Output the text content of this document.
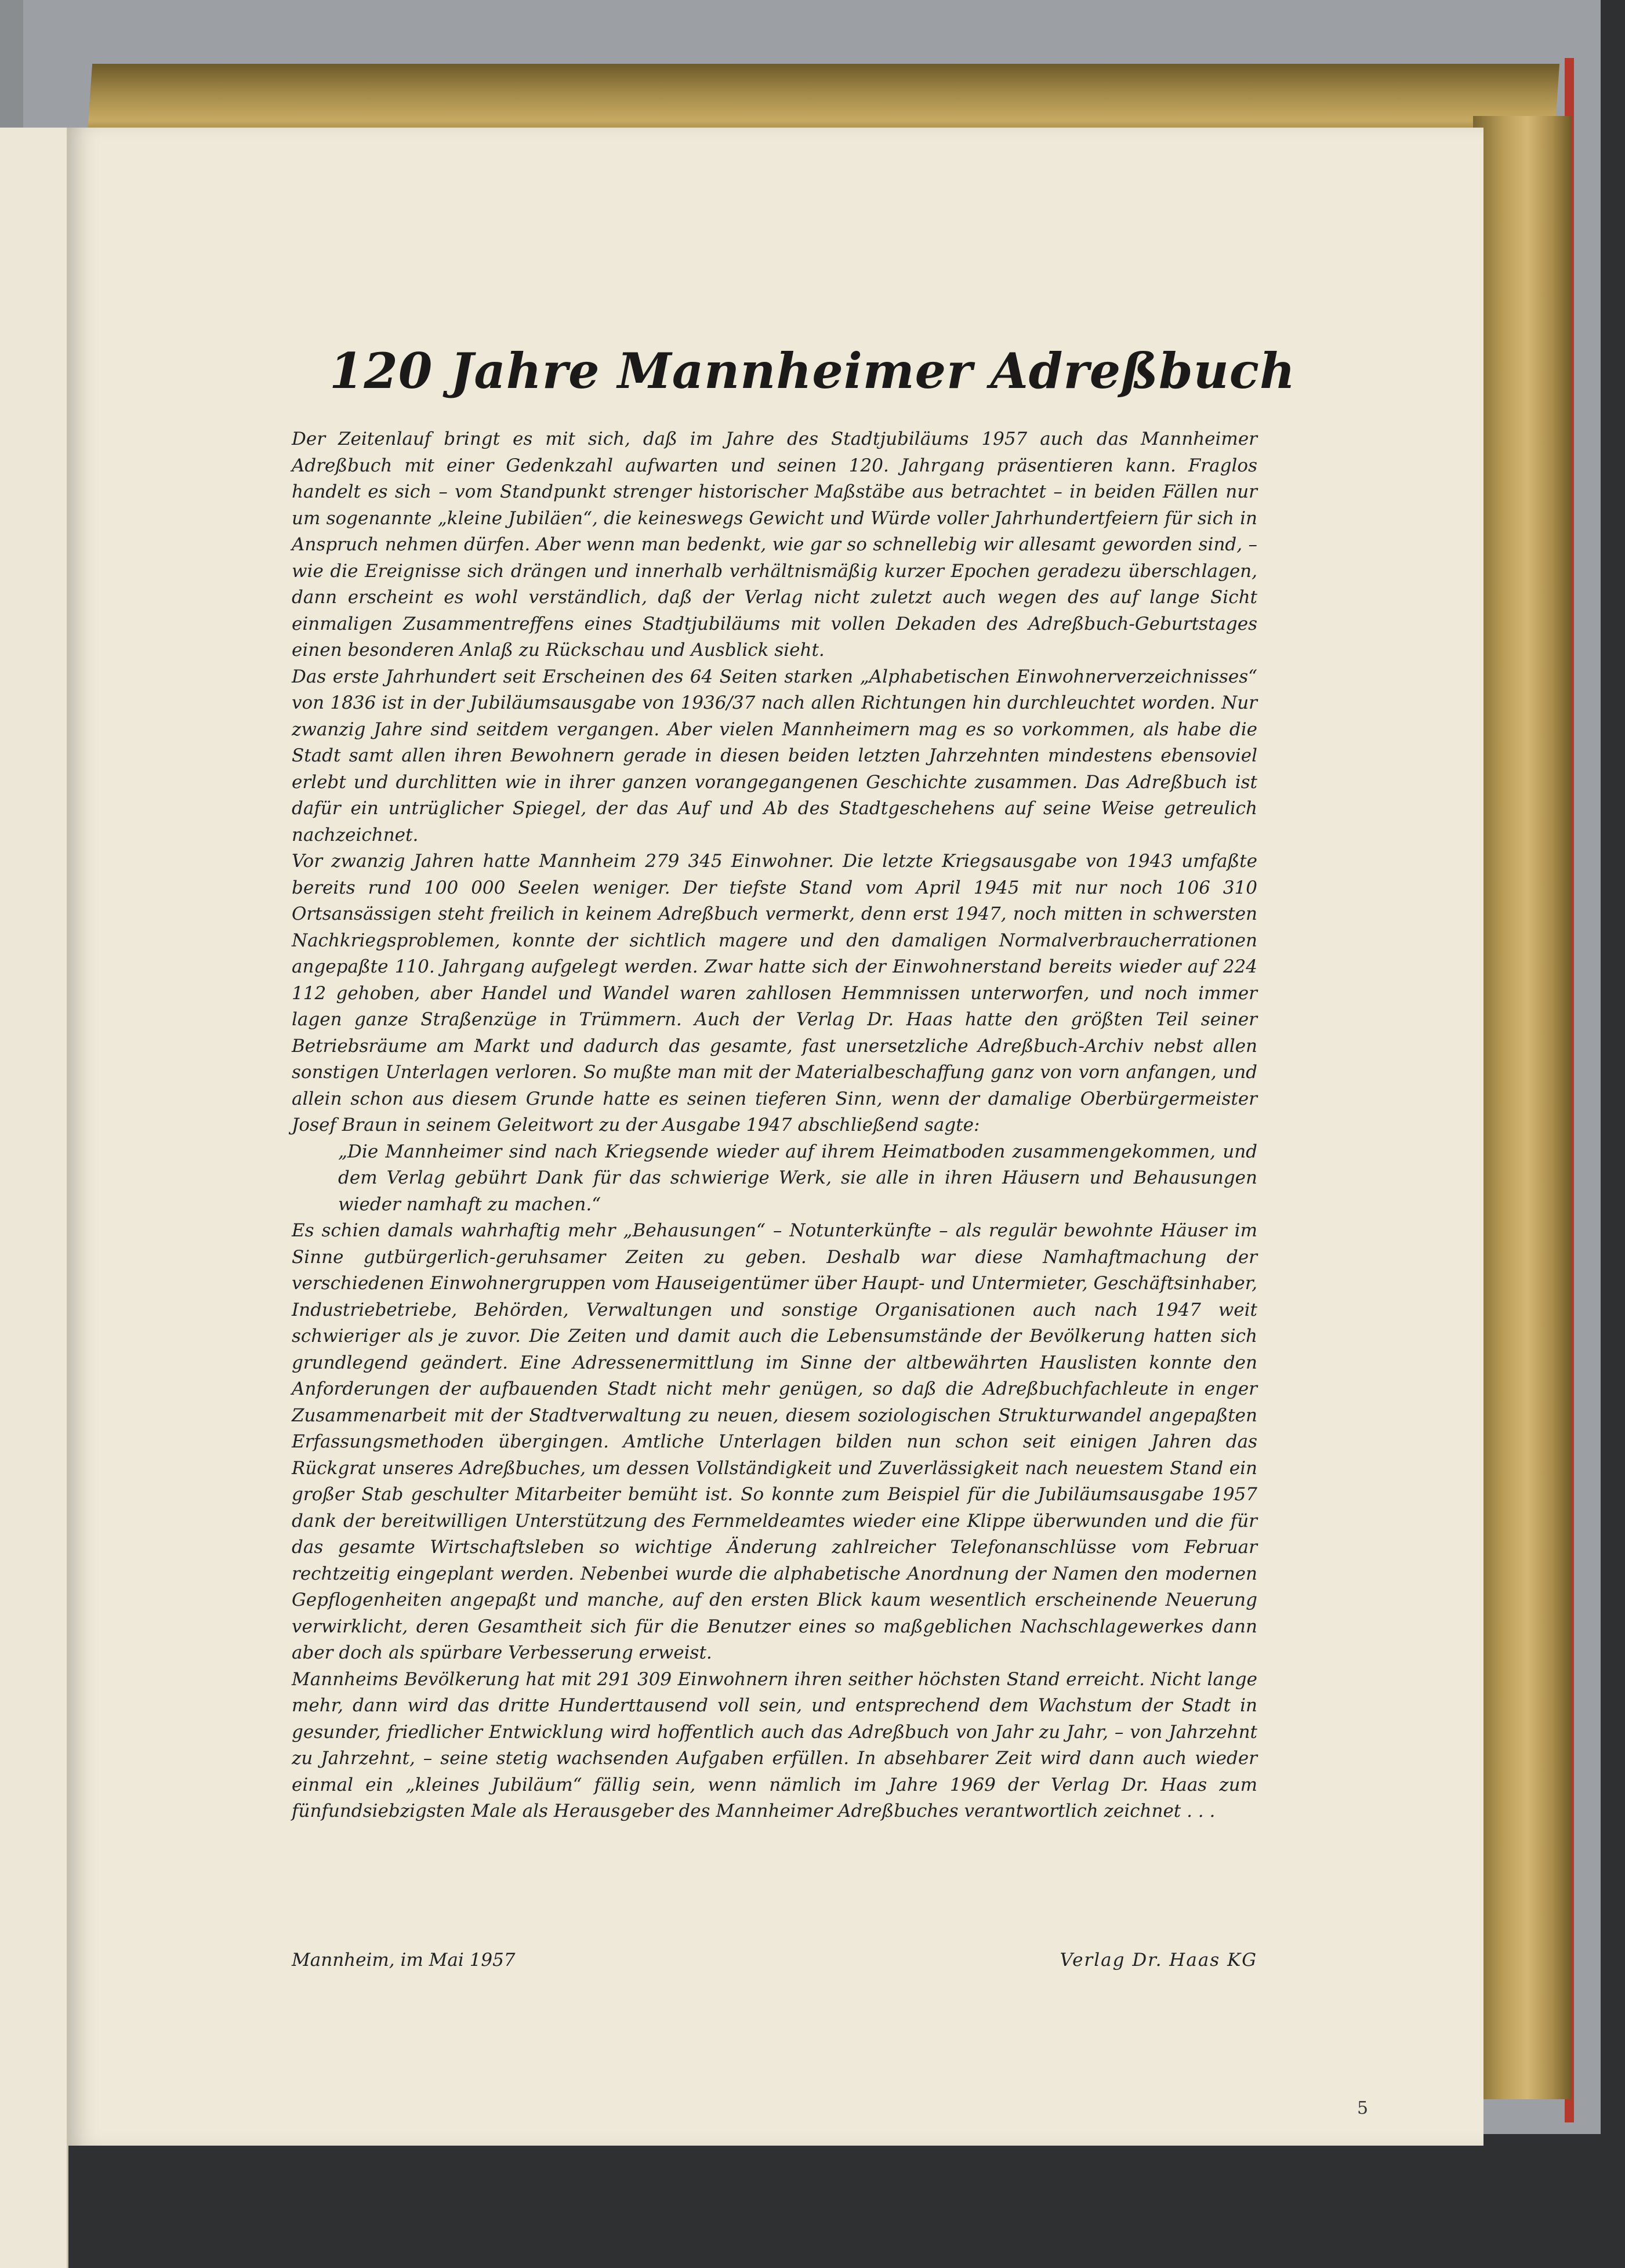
120 Jahre Mannheimer Adreßbuch

Der Zeitenlauf bringt es mit sich, daß im Jahre des Stadtjubiläums 1957 auch das Mannheimer Adreßbuch mit einer Gedenkzahl aufwarten und seinen 120. Jahrgang präsentieren kann. Fraglos handelt es sich – vom Standpunkt strenger historischer Maßstäbe aus betrachtet – in beiden Fällen nur um sogenannte „kleine Jubiläen“, die keineswegs Gewicht und Würde voller Jahrhundertfeiern für sich in Anspruch nehmen dürfen. Aber wenn man bedenkt, wie gar so schnellebig wir allesamt geworden sind, – wie die Ereignisse sich drängen und innerhalb verhältnismäßig kurzer Epochen geradezu überschlagen, dann erscheint es wohl verständlich, daß der Verlag nicht zuletzt auch wegen des auf lange Sicht einmaligen Zusammentreffens eines Stadtjubiläums mit vollen Dekaden des Adreßbuch-Geburtstages einen besonderen Anlaß zu Rückschau und Ausblick sieht.

Das erste Jahrhundert seit Erscheinen des 64 Seiten starken „Alphabetischen Einwohnerverzeichnisses“ von 1836 ist in der Jubiläumsausgabe von 1936/37 nach allen Richtungen hin durchleuchtet worden. Nur zwanzig Jahre sind seitdem vergangen. Aber vielen Mannheimern mag es so vorkommen, als habe die Stadt samt allen ihren Bewohnern gerade in diesen beiden letzten Jahrzehnten mindestens ebensoviel erlebt und durchlitten wie in ihrer ganzen vorangegangenen Geschichte zusammen. Das Adreßbuch ist dafür ein untrüglicher Spiegel, der das Auf und Ab des Stadtgeschehens auf seine Weise getreulich nachzeichnet.

Vor zwanzig Jahren hatte Mannheim 279 345 Einwohner. Die letzte Kriegsausgabe von 1943 umfaßte bereits rund 100 000 Seelen weniger. Der tiefste Stand vom April 1945 mit nur noch 106 310 Ortsansässigen steht freilich in keinem Adreßbuch vermerkt, denn erst 1947, noch mitten in schwersten Nachkriegsproblemen, konnte der sichtlich magere und den damaligen Normalverbraucherrationen angepaßte 110. Jahrgang aufgelegt werden. Zwar hatte sich der Einwohnerstand bereits wieder auf 224 112 gehoben, aber Handel und Wandel waren zahllosen Hemmnissen unterworfen, und noch immer lagen ganze Straßenzüge in Trümmern. Auch der Verlag Dr. Haas hatte den größten Teil seiner Betriebsräume am Markt und dadurch das gesamte, fast unersetzliche Adreßbuch-Archiv nebst allen sonstigen Unterlagen verloren. So mußte man mit der Materialbeschaffung ganz von vorn anfangen, und allein schon aus diesem Grunde hatte es seinen tieferen Sinn, wenn der damalige Oberbürgermeister Josef Braun in seinem Geleitwort zu der Ausgabe 1947 abschließend sagte:

„Die Mannheimer sind nach Kriegsende wieder auf ihrem Heimatboden zusammengekommen, und dem Verlag gebührt Dank für das schwierige Werk, sie alle in ihren Häusern und Behausungen wieder namhaft zu machen.“

Es schien damals wahrhaftig mehr „Behausungen“ – Notunterkünfte – als regulär bewohnte Häuser im Sinne gutbürgerlich-geruhsamer Zeiten zu geben. Deshalb war diese Namhaftmachung der verschiedenen Einwohnergruppen vom Hauseigentümer über Haupt- und Untermieter, Geschäftsinhaber, Industriebetriebe, Behörden, Verwaltungen und sonstige Organisationen auch nach 1947 weit schwieriger als je zuvor. Die Zeiten und damit auch die Lebensumstände der Bevölkerung hatten sich grundlegend geändert. Eine Adressenermittlung im Sinne der altbewährten Hauslisten konnte den Anforderungen der aufbauenden Stadt nicht mehr genügen, so daß die Adreßbuchfachleute in enger Zusammenarbeit mit der Stadtverwaltung zu neuen, diesem soziologischen Strukturwandel angepaßten Erfassungsmethoden übergingen. Amtliche Unterlagen bilden nun schon seit einigen Jahren das Rückgrat unseres Adreßbuches, um dessen Vollständigkeit und Zuverlässigkeit nach neuestem Stand ein großer Stab geschulter Mitarbeiter bemüht ist. So konnte zum Beispiel für die Jubiläumsausgabe 1957 dank der bereitwilligen Unterstützung des Fernmeldeamtes wieder eine Klippe überwunden und die für das gesamte Wirtschaftsleben so wichtige Änderung zahlreicher Telefonanschlüsse vom Februar rechtzeitig eingeplant werden. Nebenbei wurde die alphabetische Anordnung der Namen den modernen Gepflogenheiten angepaßt und manche, auf den ersten Blick kaum wesentlich erscheinende Neuerung verwirklicht, deren Gesamtheit sich für die Benutzer eines so maßgeblichen Nachschlagewerkes dann aber doch als spürbare Verbesserung erweist.

Mannheims Bevölkerung hat mit 291 309 Einwohnern ihren seither höchsten Stand erreicht. Nicht lange mehr, dann wird das dritte Hunderttausend voll sein, und entsprechend dem Wachstum der Stadt in gesunder, friedlicher Entwicklung wird hoffentlich auch das Adreßbuch von Jahr zu Jahr, – von Jahrzehnt zu Jahrzehnt, – seine stetig wachsenden Aufgaben erfüllen. In absehbarer Zeit wird dann auch wieder einmal ein „kleines Jubiläum“ fällig sein, wenn nämlich im Jahre 1969 der Verlag Dr. Haas zum fünfundsiebzigsten Male als Herausgeber des Mannheimer Adreßbuches verantwortlich zeichnet . . .

Mannheim, im Mai 1957	Verlag Dr. Haas KG

5
